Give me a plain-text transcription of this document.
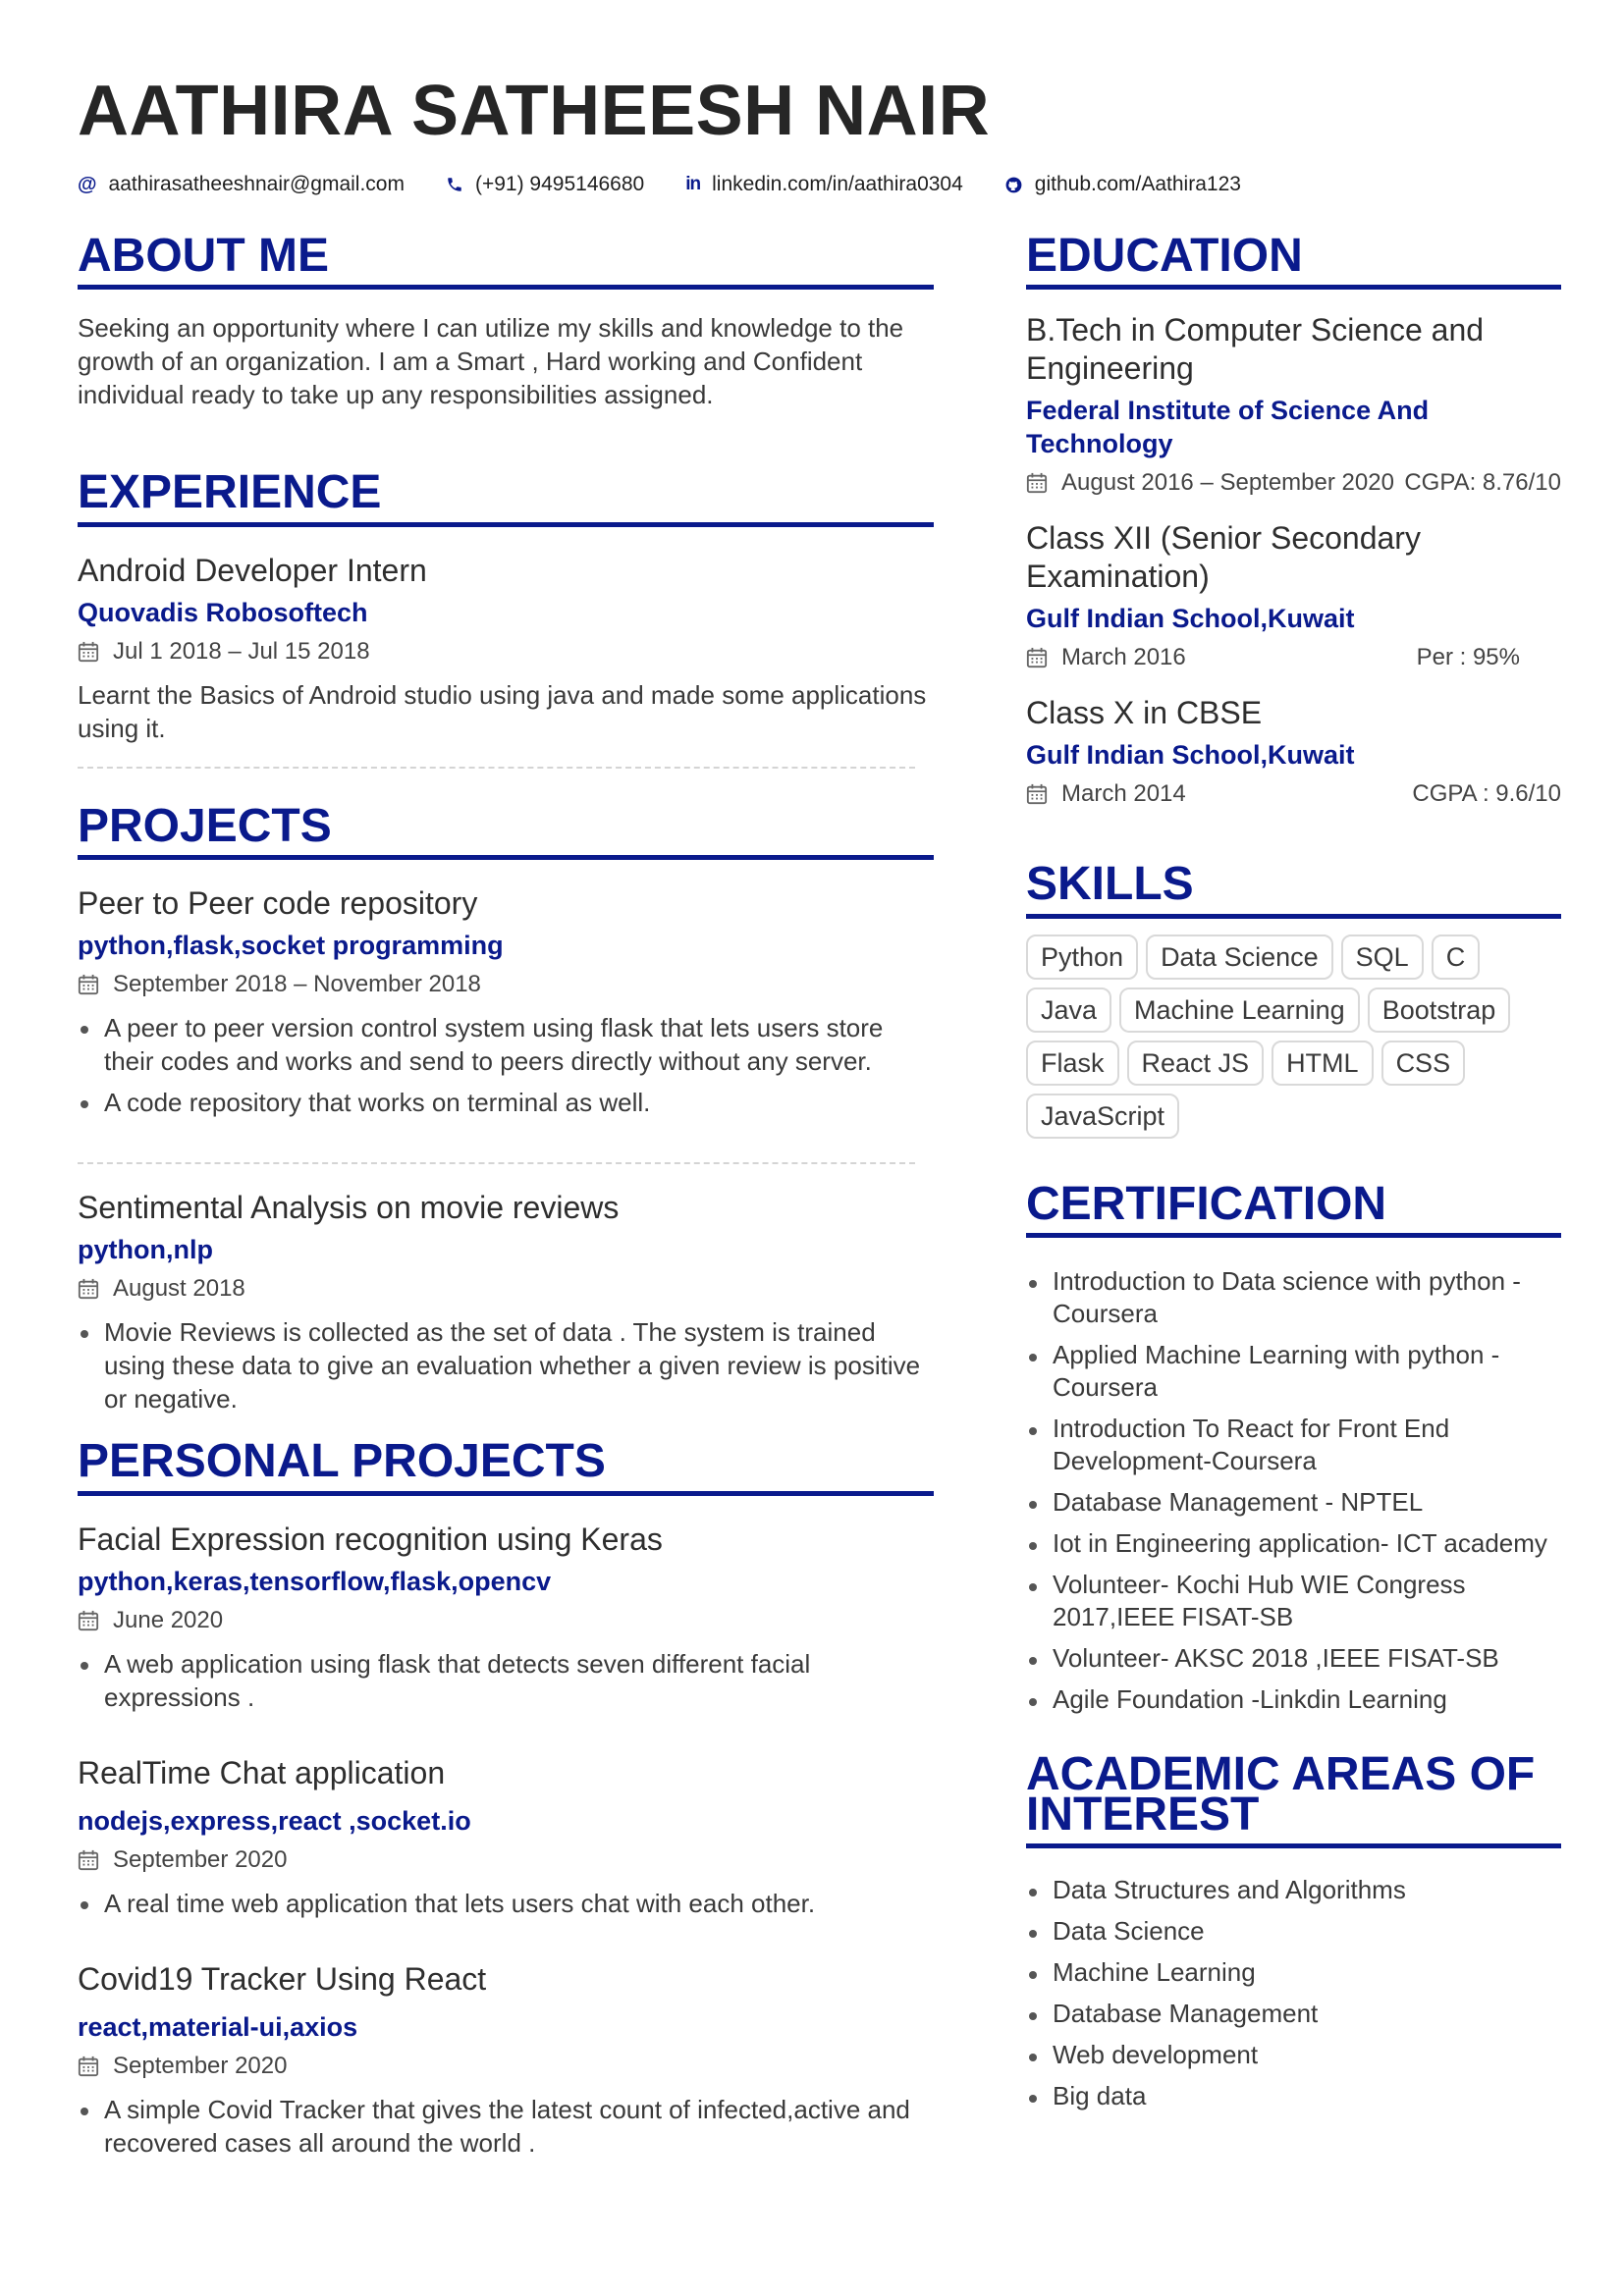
AATHIRA SATHEESH NAIR
@ aathirasatheeshnair@gmail.com	(+91) 9495146680 in linkedin.com/in/aathira0304	github.com/Aathira123
ABOUT ME

Seeking an opportunity where I can utilize my skills and knowledge to the growth of an organization. I am a Smart , Hard working and Confident individual ready to take up any responsibilities assigned.

EXPERIENCE

Android Developer Intern

Quovadis Robosoftech

Jul 1 2018 – Jul 15 2018

Learnt the Basics of Android studio using java and made some applications using it.

PROJECTS

Peer to Peer code repository

python,flask,socket programming

September 2018 – November 2018

A peer to peer version control system using flask that lets users store their codes and works and send to peers directly without any server.
A code repository that works on terminal as well.

Sentimental Analysis on movie reviews

python,nlp

August 2018

Movie Reviews is collected as the set of data . The system is trained using these data to give an evaluation whether a given review is positive or negative.
PERSONAL PROJECTS

Facial Expression recognition using Keras

python,keras,tensorflow,flask,opencv

June 2020

A web application using flask that detects seven different facial expressions .

RealTime Chat application

nodejs,express,react ,socket.io

September 2020

A real time web application that lets users chat with each other.

Covid19 Tracker Using React

react,material-ui,axios

September 2020

A simple Covid Tracker that gives the latest count of infected,active and recovered cases all around the world .
EDUCATION

B.Tech in Computer Science and Engineering

Federal Institute of Science And Technology

August 2016 – September 2020 CGPA: 8.76/10

Class XII (Senior Secondary Examination)

Gulf Indian School,Kuwait

March 2016	Per : 95%

Class X in CBSE

Gulf Indian School,Kuwait

March 2014	CGPA : 9.6/10
SKILLS
Python	Data Science	SQL	C
Java	Machine Learning	Bootstrap
Flask	React JS	HTML	CSS
JavaScript
CERTIFICATION
Introduction to Data science with python - Coursera
Applied Machine Learning with python - Coursera
Introduction To React for Front End Development-Coursera
Database Management - NPTEL
Iot in Engineering application- ICT academy
Volunteer- Kochi Hub WIE Congress 2017,IEEE FISAT-SB
Volunteer- AKSC 2018 ,IEEE FISAT-SB
Agile Foundation -Linkdin Learning
ACADEMIC AREAS OF INTEREST
Data Structures and Algorithms
Data Science
Machine Learning
Database Management
Web development
Big data
